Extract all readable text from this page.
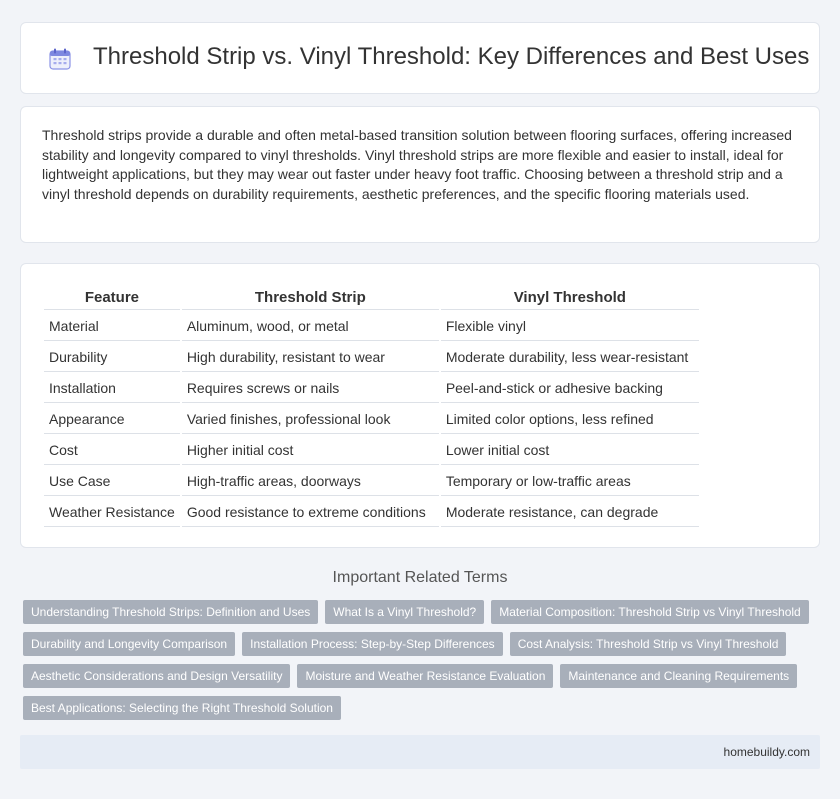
Threshold Strip vs. Vinyl Threshold: Key Differences and Best Uses

Threshold strips provide a durable and often metal-based transition solution between flooring surfaces, offering increased stability and longevity compared to vinyl thresholds. Vinyl threshold strips are more flexible and easier to install, ideal for lightweight applications, but they may wear out faster under heavy foot traffic. Choosing between a threshold strip and a vinyl threshold depends on durability requirements, aesthetic preferences, and the specific flooring materials used.

Feature	Threshold Strip	Vinyl Threshold
Material	Aluminum, wood, or metal	Flexible vinyl
Durability	High durability, resistant to wear	Moderate durability, less wear-resistant
Installation	Requires screws or nails	Peel-and-stick or adhesive backing
Appearance	Varied finishes, professional look	Limited color options, less refined
Cost	Higher initial cost	Lower initial cost
Use Case	High-traffic areas, doorways	Temporary or low-traffic areas
Weather Resistance	Good resistance to extreme conditions	Moderate resistance, can degrade
Important Related Terms
Understanding Threshold Strips: Definition and Uses	What Is a Vinyl Threshold?	Material Composition: Threshold Strip vs Vinyl Threshold
Durability and Longevity Comparison	Installation Process: Step-by-Step Differences	Cost Analysis: Threshold Strip vs Vinyl Threshold
Aesthetic Considerations and Design Versatility	Moisture and Weather Resistance Evaluation	Maintenance and Cleaning Requirements
Best Applications: Selecting the Right Threshold Solution
homebuildy.com
